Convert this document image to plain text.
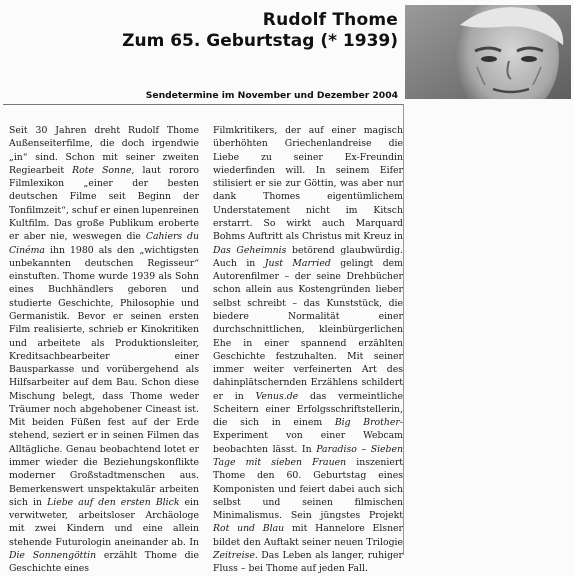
Rudolf Thome
Zum 65. Geburtstag (* 1939)
Sendetermine im November und Dezember 2004

Seit 30 Jahren dreht Rudolf Thome Außenseiterfilme, die doch irgendwie „in“ sind. Schon mit seiner zweiten Regiearbeit Rote Sonne, laut rororo Filmlexikon „einer der besten deutschen Filme seit Beginn der Tonfilmzeit“, schuf er einen lupenreinen Kultfilm. Das große Publikum eroberte er aber nie, weswegen die Cahiers du Cinéma ihn 1980 als den „wichtigsten unbekannten deutschen Regisseur“ einstuften. Thome wurde 1939 als Sohn eines Buchhändlers geboren und studierte Geschichte, Philosophie und Germanistik. Bevor er seinen ersten Film realisierte, schrieb er Kinokritiken und arbeitete als Produktionsleiter, Kreditsachbearbeiter einer Bausparkasse und vorübergehend als Hilfsarbeiter auf dem Bau. Schon diese Mischung belegt, dass Thome weder Träumer noch abgehobener Cineast ist. Mit beiden Füßen fest auf der Erde stehend, seziert er in seinen Filmen das Alltägliche. Genau beobachtend lotet er immer wieder die Beziehungskonflikte moderner Großstadtmenschen aus. Bemerkenswert unspektakulär arbeiten sich in Liebe auf den ersten Blick ein verwitweter, arbeitsloser Archäologe mit zwei Kindern und eine allein stehende Futurologin aneinander ab. In Die Sonnengöttin erzählt Thome die Geschichte eines

Filmkritikers, der auf einer magisch überhöhten Griechenlandreise die Liebe zu seiner Ex-Freundin wiederfinden will. In seinem Eifer stilisiert er sie zur Göttin, was aber nur dank Thomes eigentümlichem Understatement nicht im Kitsch erstarrt. So wirkt auch Marquard Bohms Auftritt als Christus mit Kreuz in Das Geheimnis betörend glaubwürdig. Auch in Just Married gelingt dem Autorenfilmer – der seine Drehbücher schon allein aus Kostengründen lieber selbst schreibt – das Kunststück, die biedere Normalität einer durchschnittlichen, kleinbürgerlichen Ehe in einer spannend erzählten Geschichte festzuhalten. Mit seiner immer weiter verfeinerten Art des dahinplätschernden Erzählens schildert er in Venus.de das vermeintliche Scheitern einer Erfolgsschriftstellerin, die sich in einem Big Brother-Experiment von einer Webcam beobachten lässt. In Paradiso – Sieben Tage mit sieben Frauen inszeniert Thome den 60. Geburtstag eines Komponisten und feiert dabei auch sich selbst und seinen filmischen Minimalismus. Sein jüngstes Projekt Rot und Blau mit Hannelore Elsner bildet den Auftakt seiner neuen Trilogie Zeitreise. Das Leben als langer, ruhiger Fluss – bei Thome auf jeden Fall.
